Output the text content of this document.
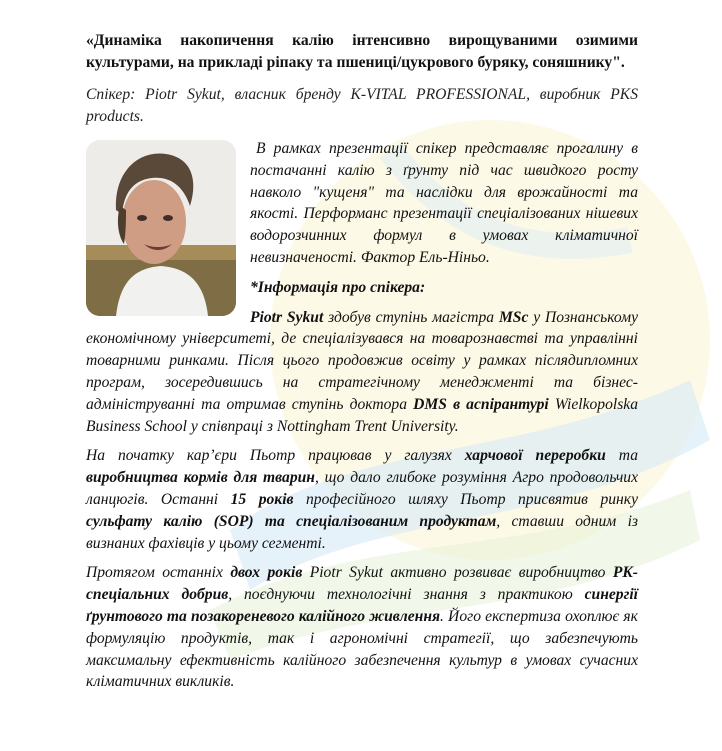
«Динаміка накопичення калію інтенсивно вирощуваними озимими культурами, на прикладі ріпаку та пшениці/цукрового буряку, соняшнику".

Спікер: Piotr Sykut, власник бренду K-VITAL PROFESSIONAL, виробник PKS products.

В рамках презентації спікер представляє прогалину в постачанні калію з ґрунту під час швидкого росту навколо "кущеня" та наслідки для врожайності та якості. Перформанс презентації спеціалізованих нішевих водорозчинних формул в умовах кліматичної невизначеності. Фактор Ель-Ніньо.

*Інформація про спікера:

Piotr Sykut здобув ступінь магістра MSc у Познанському економічному університеті, де спеціалізувався на товарознавстві та управлінні товарними ринками. Після цього продовжив освіту у рамках післядипломних програм, зосередившись на стратегічному менеджменті та бізнес-адмініструванні та отримав ступінь доктора DMS в аспірантурі Wielkopolska Business School у співпраці з Nottingham Trent University.

На початку кар’єри Пьотр працював у галузях харчової переробки та виробництва кормів для тварин, що дало глибоке розуміння Агро продовольчих ланцюгів. Останні 15 років професійного шляху Пьотр присвятив ринку сульфату калію (SOP) та спеціалізованим продуктам, ставши одним із визнаних фахівців у цьому сегменті.

Протягом останніх двох років Piotr Sykut активно розвиває виробництво PK-спеціальних добрив, поєднуючи технологічні знання з практикою синергії ґрунтового та позакореневого калійного живлення. Його експертиза охоплює як формуляцію продуктів, так і агрономічні стратегії, що забезпечують максимальну ефективність калійного забезпечення культур в умовах сучасних кліматичних викликів.
